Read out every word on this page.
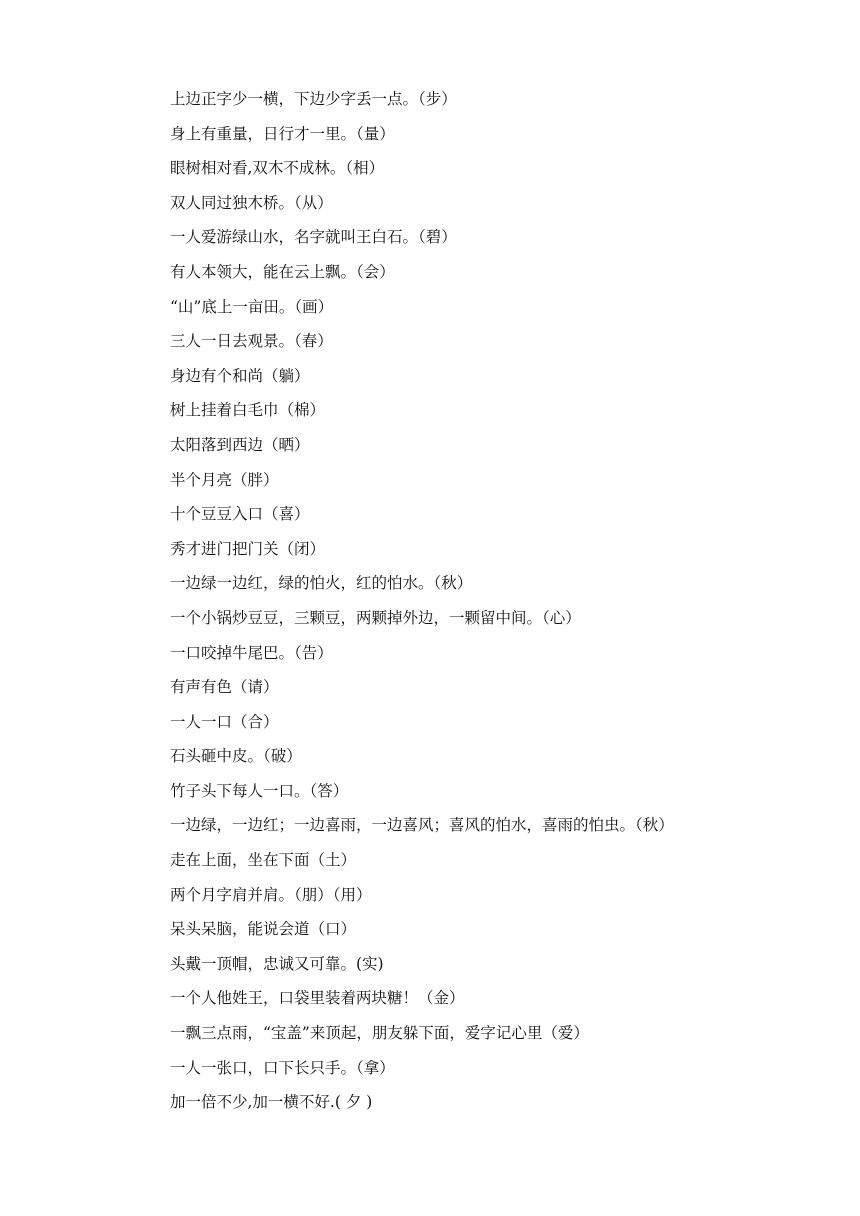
上边正字少一横，下边少字丢一点。（步）
身上有重量，日行才一里。（量）
眼树相对看,双木不成林。（相）
双人同过独木桥。（从）
一人爱游绿山水，名字就叫王白石。（碧）
有人本领大，能在云上飘。（会）
“山”底上一亩田。（画）
三人一日去观景。（春）
身边有个和尚（躺）
树上挂着白毛巾（棉）
太阳落到西边（晒）
半个月亮（胖）
十个豆豆入口（喜）
秀才进门把门关（闭）
一边绿一边红，绿的怕火，红的怕水。（秋）
一个小锅炒豆豆，三颗豆，两颗掉外边，一颗留中间。（心）
一口咬掉牛尾巴。（告）
有声有色（请）
一人一口（合）
石头砸中皮。（破）
竹子头下每人一口。（答）
一边绿，一边红；一边喜雨，一边喜风；喜风的怕水，喜雨的怕虫。（秋）
走在上面，坐在下面（土）
两个月字肩并肩。（朋）（用）
呆头呆脑，能说会道（口）
头戴一顶帽，忠诚又可靠。(实)
一个人他姓王，口袋里装着两块糖！（金）
一飘三点雨，“宝盖”来顶起，朋友躲下面，爱字记心里（爱）
一人一张口，口下长只手。（拿）
加一倍不少,加一横不好.( 夕 )
